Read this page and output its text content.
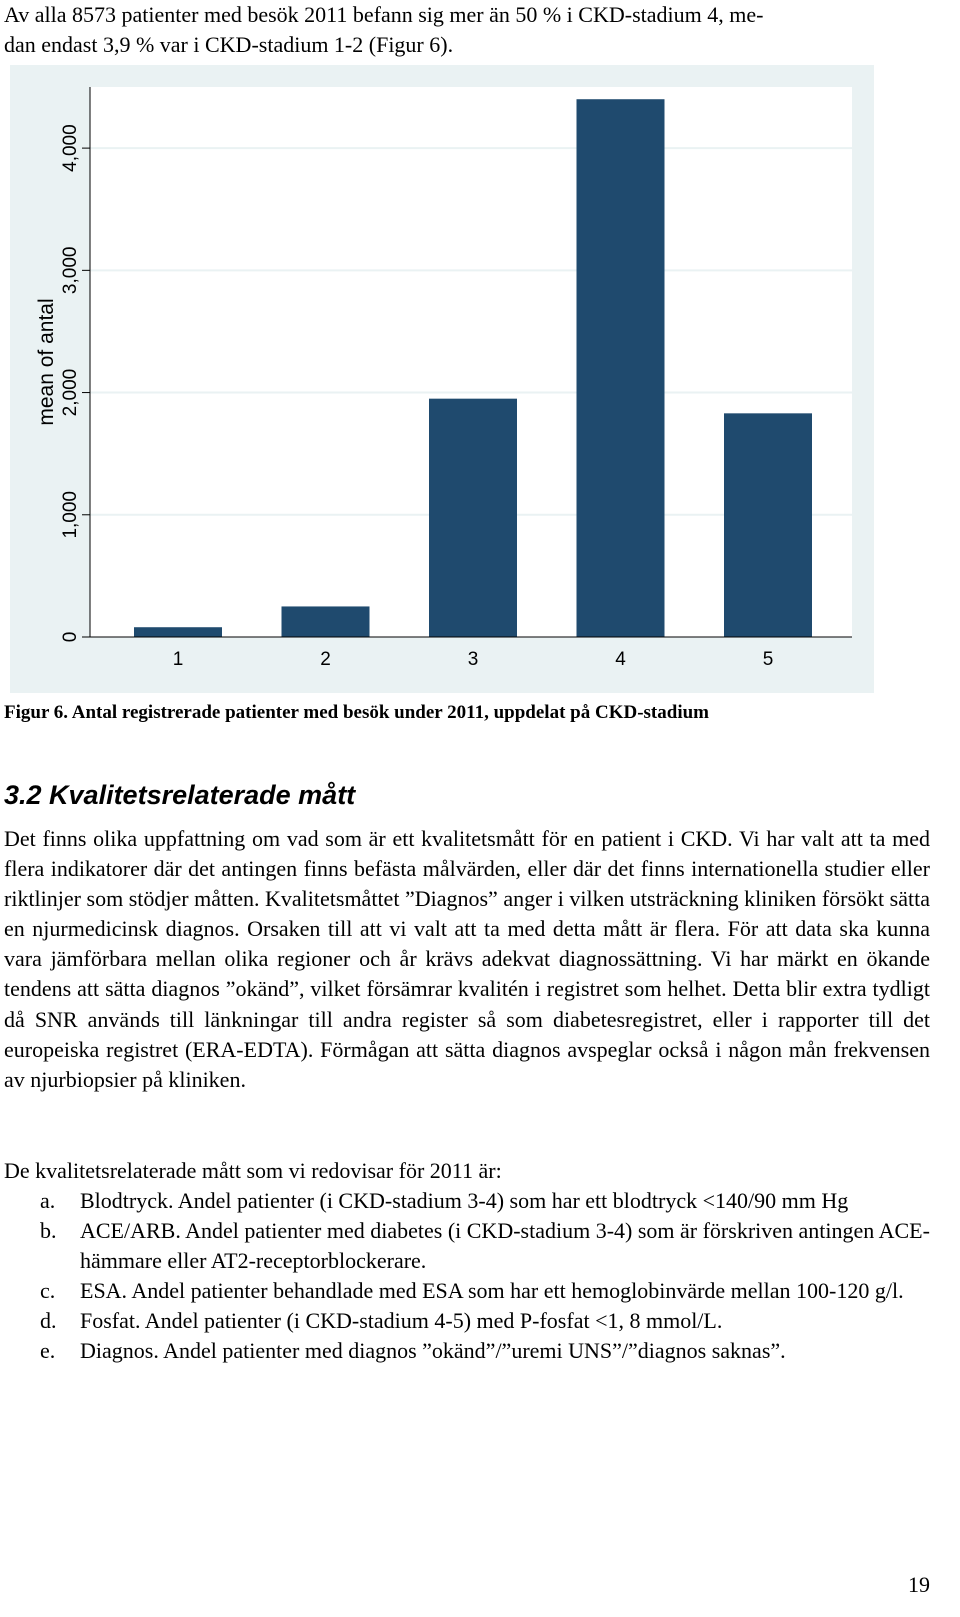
Av alla 8573 patienter med besök 2011 befann sig mer än 50 % i CKD-stadium 4, me-

dan endast 3,9 % var i CKD-stadium 1-2 (Figur 6).

0
1,000
2,000
3,000
4,000
1	2	3	4	5
mean of antal
Figur 6. Antal registrerade patienter med besök under 2011, uppdelat på CKD-stadium
3.2 Kvalitetsrelaterade mått

Det finns olika uppfattning om vad som är ett kvalitetsmått för en patient i CKD. Vi har valt att ta med flera indikatorer där det antingen finns befästa målvärden, eller där det finns internationella studier eller riktlinjer som stödjer måtten. Kvalitetsmåttet ”Diagnos” anger i vilken utsträckning kliniken försökt sätta en njurmedicinsk diagnos. Orsaken till att vi valt att ta med detta mått är flera. För att data ska kunna vara jämförbara mellan olika regioner och år krävs adekvat diagnossättning. Vi har märkt en ökande tendens att sätta diagnos ”okänd”, vilket försämrar kvalitén i registret som helhet. Detta blir extra tydligt då SNR används till länkningar till andra register så som diabetesregistret, eller i rapporter till det europeiska registret (ERA-EDTA). Förmågan att sätta diagnos avspeglar också i någon mån frekvensen av njurbiopsier på kliniken.

De kvalitetsrelaterade mått som vi redovisar för 2011 är:

a. Blodtryck. Andel patienter (i CKD-stadium 3-4) som har ett blodtryck <140/90 mm Hg
b. ACE/ARB. Andel patienter med diabetes (i CKD-stadium 3-4) som är förskriven antingen ACE-hämmare eller AT2-receptorblockerare.
c. ESA. Andel patienter behandlade med ESA som har ett hemoglobinvärde mellan 100-120 g/l.
d. Fosfat. Andel patienter (i CKD-stadium 4-5) med P-fosfat <1, 8 mmol/L.
e. Diagnos. Andel patienter med diagnos ”okänd”/”uremi UNS”/”diagnos saknas”.
19
